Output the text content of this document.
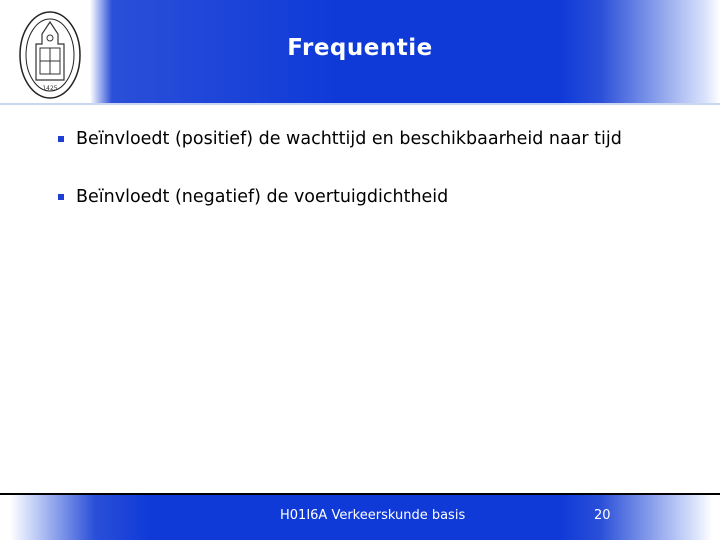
1425
Frequentie
Beïnvloedt (positief) de wachttijd en beschikbaarheid naar tijd
Beïnvloedt (negatief) de voertuigdichtheid
H01I6A Verkeerskunde basis	20
